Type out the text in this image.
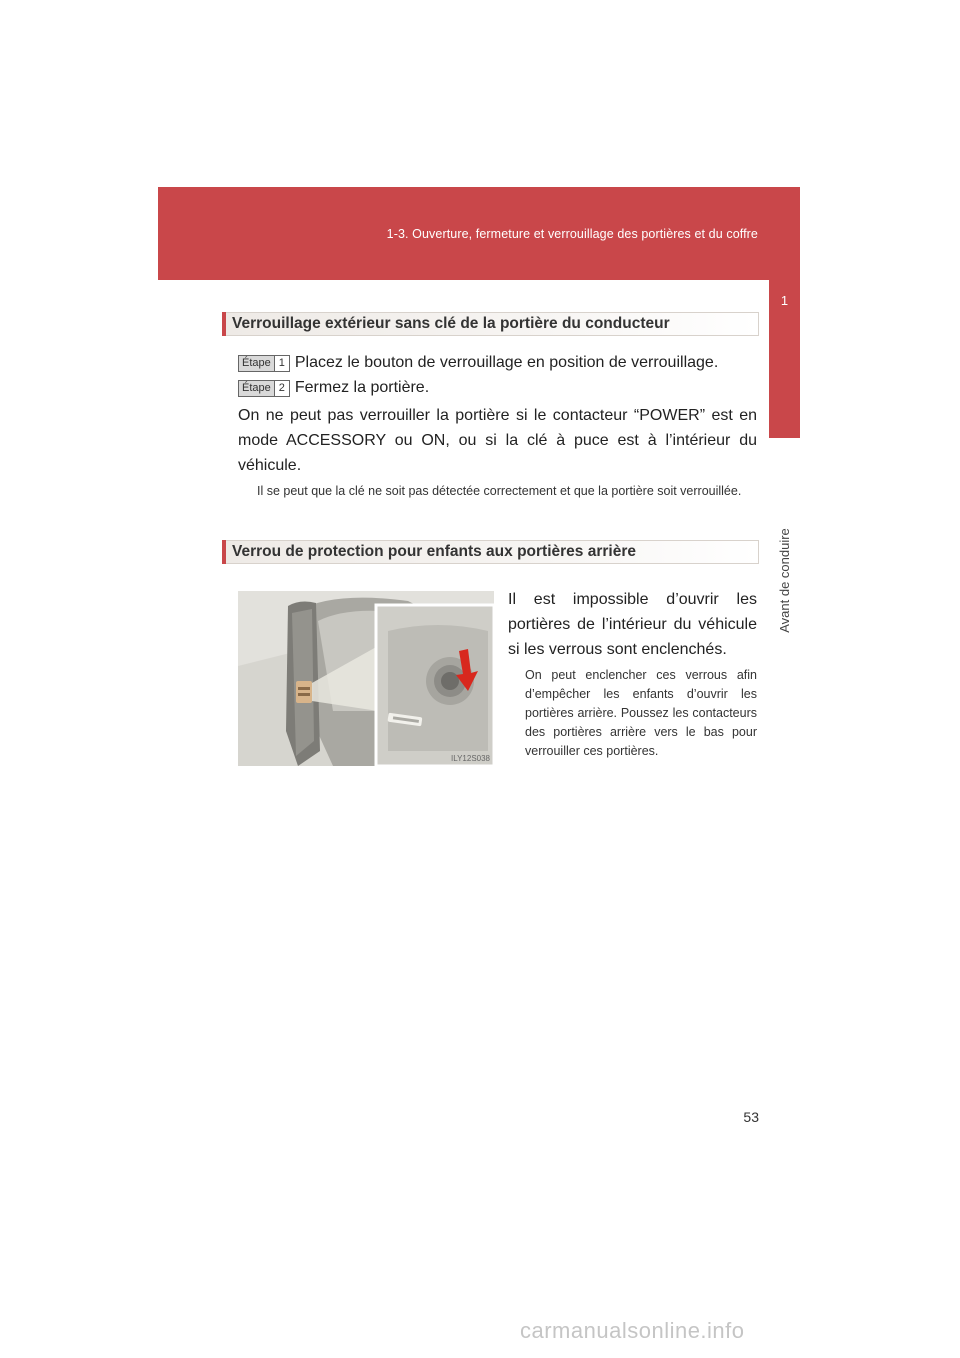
1-3. Ouverture, fermeture et verrouillage des portières et du coffre
1
Avant de conduire
Verrouillage extérieur sans clé de la portière du conducteur
Étape 1 Placez le bouton de verrouillage en position de verrouillage.
Étape 2 Fermez la portière.

On ne peut pas verrouiller la portière si le contacteur “POWER” est en mode ACCESSORY ou ON, ou si la clé à puce est à l’intérieur du véhicule.

Il se peut que la clé ne soit pas détectée correctement et que la portière soit verrouillée.

Verrou de protection pour enfants aux portières arrière
ILY12S038

Il est impossible d’ouvrir les portières de l’intérieur du véhicule si les verrous sont enclenchés.

On peut enclencher ces verrous afin d’empêcher les enfants d’ouvrir les portières arrière. Poussez les contacteurs des portières arrière vers le bas pour verrouiller ces portières.

53
carmanualsonline.info
